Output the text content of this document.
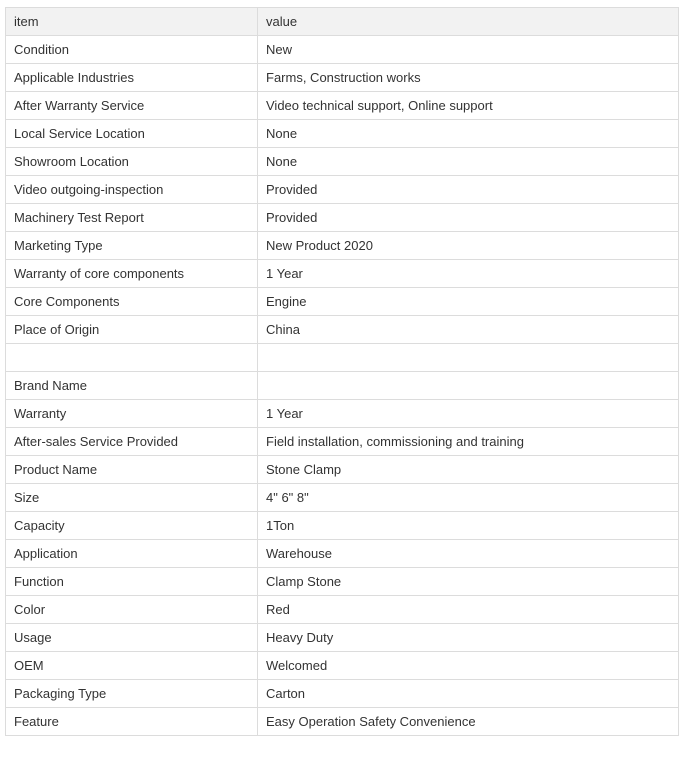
item	value
Condition	New
Applicable Industries	Farms, Construction works
After Warranty Service	Video technical support, Online support
Local Service Location	None
Showroom Location	None
Video outgoing-inspection	Provided
Machinery Test Report	Provided
Marketing Type	New Product 2020
Warranty of core components	1 Year
Core Components	Engine
Place of Origin	China

Brand Name	
Warranty	1 Year
After-sales Service Provided	Field installation, commissioning and training
Product Name	Stone Clamp
Size	4" 6" 8"
Capacity	1Ton
Application	Warehouse
Function	Clamp Stone
Color	Red
Usage	Heavy Duty
OEM	Welcomed
Packaging Type	Carton
Feature	Easy Operation Safety Convenience
